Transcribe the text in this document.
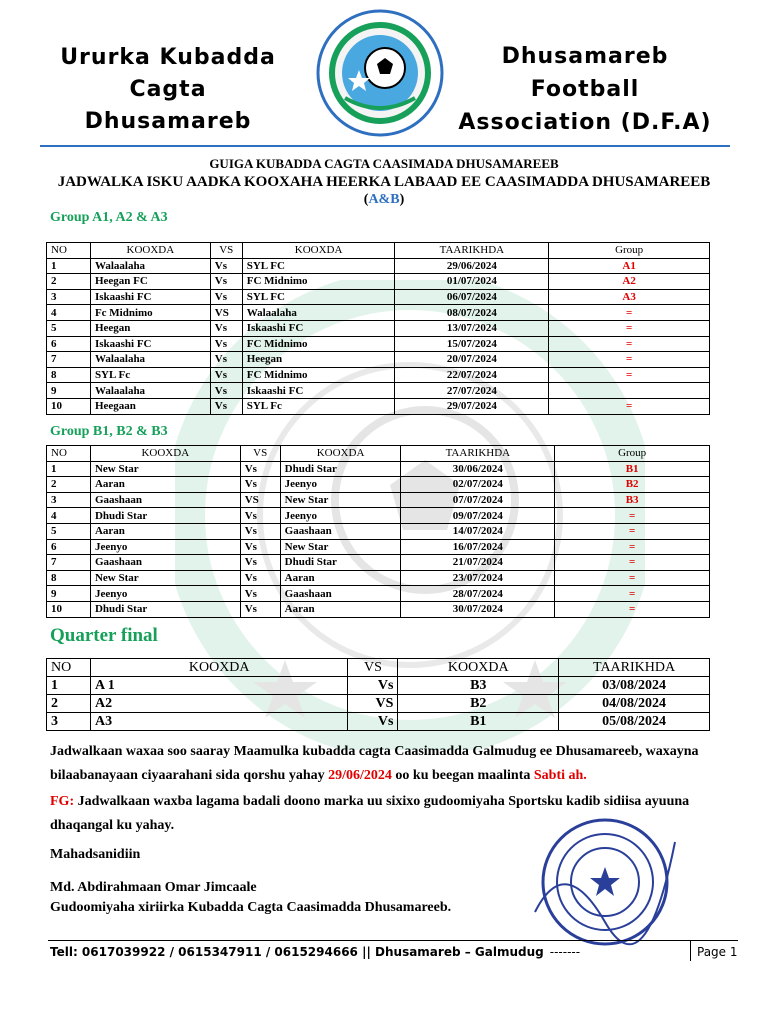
Ururka Kubadda Cagta
Dhusamareb
Dhusamareb Football
Association (D.F.A)
GUIGA KUBADDA CAGTA CAASIMADA DHUSAMAREEB
JADWALKA ISKU AADKA KOOXAHA HEERKA LABAAD EE CAASIMADDA DHUSAMAREEB
(A&B)
Group A1, A2 & A3
NO	KOOXDA	VS	KOOXDA	TAARIKHDA	Group
1	Walaalaha	Vs	SYL FC	29/06/2024	A1
2	Heegan FC	Vs	FC Midnimo	01/07/2024	A2
3	Iskaashi FC	Vs	SYL FC	06/07/2024	A3
4	Fc Midnimo	VS	Walaalaha	08/07/2024	=
5	Heegan	Vs	Iskaashi FC	13/07/2024	=
6	Iskaashi FC	Vs	FC Midnimo	15/07/2024	=
7	Walaalaha	Vs	Heegan	20/07/2024	=
8	SYL Fc	Vs	FC Midnimo	22/07/2024	=
9	Walaalaha	Vs	Iskaashi FC	27/07/2024	
10	Heegaan	Vs	SYL Fc	29/07/2024	=
Group B1, B2 & B3
NO	KOOXDA	VS	KOOXDA	TAARIKHDA	Group
1	New Star	Vs	Dhudi Star	30/06/2024	B1
2	Aaran	Vs	Jeenyo	02/07/2024	B2
3	Gaashaan	VS	New Star	07/07/2024	B3
4	Dhudi Star	Vs	Jeenyo	09/07/2024	=
5	Aaran	Vs	Gaashaan	14/07/2024	=
6	Jeenyo	Vs	New Star	16/07/2024	=
7	Gaashaan	Vs	Dhudi Star	21/07/2024	=
8	New Star	Vs	Aaran	23/07/2024	=
9	Jeenyo	Vs	Gaashaan	28/07/2024	=
10	Dhudi Star	Vs	Aaran	30/07/2024	=
Quarter final
NO	KOOXDA	VS	KOOXDA	TAARIKHDA
1	A 1	Vs	B3	03/08/2024
2	A2	VS	B2	04/08/2024
3	A3	Vs	B1	05/08/2024
Jadwalkaan waxaa soo saaray Maamulka kubadda cagta Caasimadda Galmudug ee Dhusamareeb, waxayna bilaabanayaan ciyaarahani sida qorshu yahay 29/06/2024 oo ku beegan maalinta Sabti ah.
FG: Jadwalkaan waxba lagama badali doono marka uu sixixo gudoomiyaha Sportsku kadib sidiisa ayuuna dhaqangal ku yahay.
Mahadsanidiin
Md. Abdirahmaan Omar Jimcaale
Gudoomiyaha xiriirka Kubadda Cagta Caasimadda Dhusamareeb.
Tell: 0617039922 / 0615347911 / 0615294666 || Dhusamareb – Galmudug -------	Page 1
